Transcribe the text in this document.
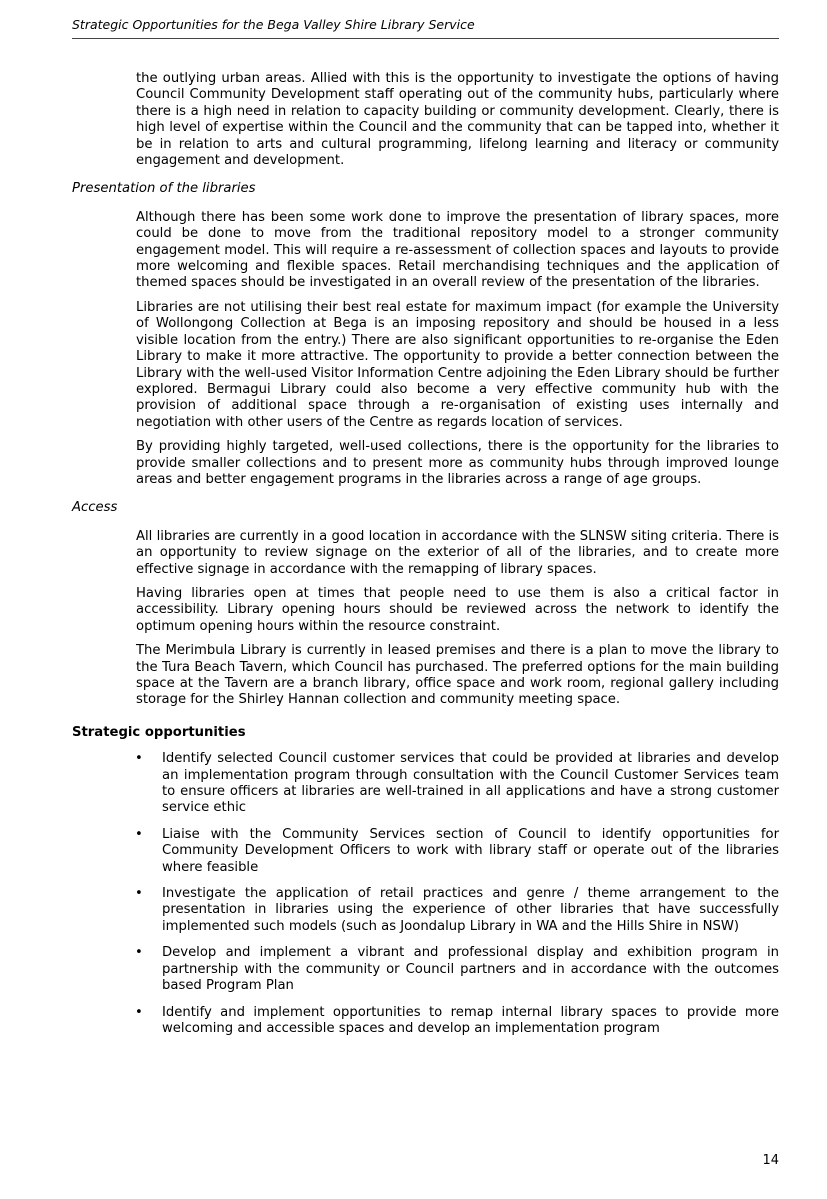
Strategic Opportunities for the Bega Valley Shire Library Service

the outlying urban areas. Allied with this is the opportunity to investigate the options of having Council Community Development staff operating out of the community hubs, particularly where there is a high need in relation to capacity building or community development. Clearly, there is high level of expertise within the Council and the community that can be tapped into, whether it be in relation to arts and cultural programming, lifelong learning and literacy or community engagement and development.

Presentation of the libraries

Although there has been some work done to improve the presentation of library spaces, more could be done to move from the traditional repository model to a stronger community engagement model. This will require a re-assessment of collection spaces and layouts to provide more welcoming and flexible spaces. Retail merchandising techniques and the application of themed spaces should be investigated in an overall review of the presentation of the libraries.

Libraries are not utilising their best real estate for maximum impact (for example the University of Wollongong Collection at Bega is an imposing repository and should be housed in a less visible location from the entry.) There are also significant opportunities to re-organise the Eden Library to make it more attractive. The opportunity to provide a better connection between the Library with the well-used Visitor Information Centre adjoining the Eden Library should be further explored. Bermagui Library could also become a very effective community hub with the provision of additional space through a re-organisation of existing uses internally and negotiation with other users of the Centre as regards location of services.

By providing highly targeted, well-used collections, there is the opportunity for the libraries to provide smaller collections and to present more as community hubs through improved lounge areas and better engagement programs in the libraries across a range of age groups.

Access

All libraries are currently in a good location in accordance with the SLNSW siting criteria. There is an opportunity to review signage on the exterior of all of the libraries, and to create more effective signage in accordance with the remapping of library spaces.

Having libraries open at times that people need to use them is also a critical factor in accessibility. Library opening hours should be reviewed across the network to identify the optimum opening hours within the resource constraint.

The Merimbula Library is currently in leased premises and there is a plan to move the library to the Tura Beach Tavern, which Council has purchased. The preferred options for the main building space at the Tavern are a branch library, office space and work room, regional gallery including storage for the Shirley Hannan collection and community meeting space.

Strategic opportunities
• Identify selected Council customer services that could be provided at libraries and develop an implementation program through consultation with the Council Customer Services team to ensure officers at libraries are well-trained in all applications and have a strong customer service ethic
• Liaise with the Community Services section of Council to identify opportunities for Community Development Officers to work with library staff or operate out of the libraries where feasible
• Investigate the application of retail practices and genre / theme arrangement to the presentation in libraries using the experience of other libraries that have successfully implemented such models (such as Joondalup Library in WA and the Hills Shire in NSW)
• Develop and implement a vibrant and professional display and exhibition program in partnership with the community or Council partners and in accordance with the outcomes based Program Plan
• Identify and implement opportunities to remap internal library spaces to provide more welcoming and accessible spaces and develop an implementation program
14
